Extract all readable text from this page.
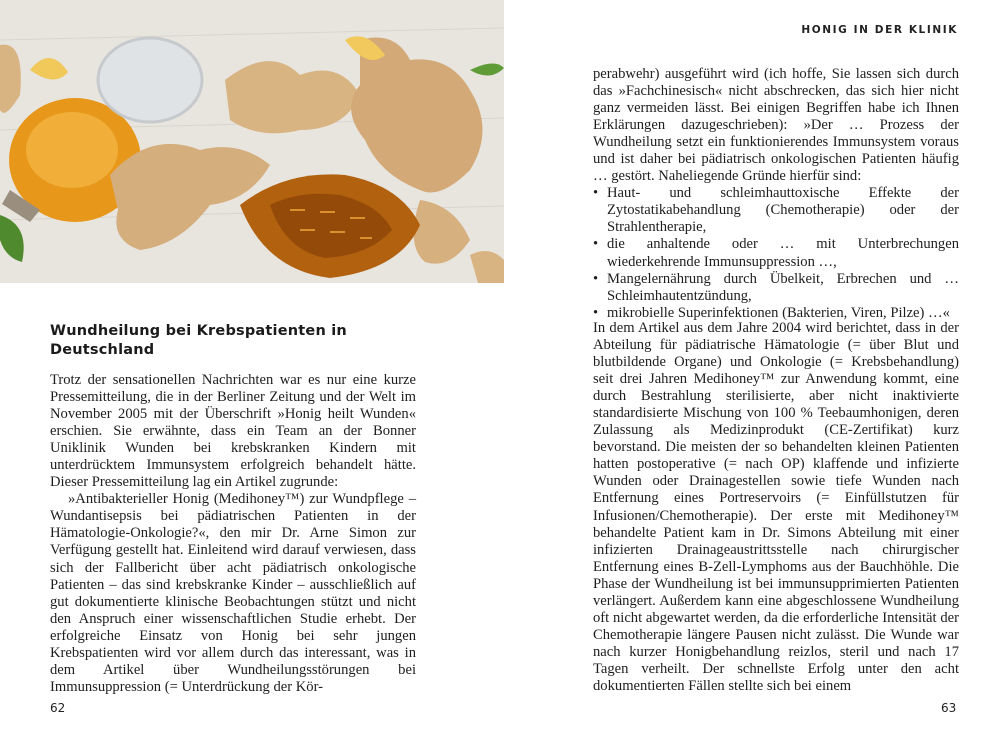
Wundheilung bei Krebspatienten in Deutschland

Trotz der sensationellen Nachrichten war es nur eine kurze Pressemitteilung, die in der Berliner Zeitung und der Welt im November 2005 mit der Überschrift »Honig heilt Wunden« erschien. Sie erwähnte, dass ein Team an der Bonner Uniklinik Wunden bei krebskranken Kindern mit unterdrücktem Immunsystem erfolgreich behandelt hätte. Dieser Pressemitteilung lag ein Artikel zugrunde:

»Antibakterieller Honig (Medihoney™) zur Wundpflege – Wundantisepsis bei pädiatrischen Patienten in der Hämatologie-Onkologie?«, den mir Dr. Arne Simon zur Verfügung gestellt hat. Einleitend wird darauf verwiesen, dass sich der Fallbericht über acht pädiatrisch onkologische Patienten – das sind krebskranke Kinder – ausschließlich auf gut dokumentierte klinische Beobachtungen stützt und nicht den Anspruch einer wissenschaftlichen Studie erhebt. Der erfolgreiche Einsatz von Honig bei sehr jungen Krebspatienten wird vor allem durch das interessant, was in dem Artikel über Wundheilungsstörungen bei Immunsuppression (= Unterdrückung der Kör-

62
HONIG IN DER KLINIK

perabwehr) ausgeführt wird (ich hoffe, Sie lassen sich durch das »Fachchinesisch« nicht abschrecken, das sich hier nicht ganz vermeiden lässt. Bei einigen Begriffen habe ich Ihnen Erklärungen dazugeschrieben): »Der … Prozess der Wundheilung setzt ein funktionierendes Immunsystem voraus und ist daher bei pädiatrisch onkologischen Patienten häufig … gestört. Naheliegende Gründe hierfür sind:

• Haut- und schleimhauttoxische Effekte der Zytostatikabehandlung (Chemotherapie) oder der Strahlentherapie,
• die anhaltende oder … mit Unterbrechungen wiederkehrende Immunsuppression …,
• Mangelernährung durch Übelkeit, Erbrechen und … Schleimhautentzündung,
• mikrobielle Superinfektionen (Bakterien, Viren, Pilze) …«

In dem Artikel aus dem Jahre 2004 wird berichtet, dass in der Abteilung für pädiatrische Hämatologie (= über Blut und blutbildende Organe) und Onkologie (= Krebsbehandlung) seit drei Jahren Medihoney™ zur Anwendung kommt, eine durch Bestrahlung sterilisierte, aber nicht inaktivierte standardisierte Mischung von 100 % Teebaumhonigen, deren Zulassung als Medizinprodukt (CE-Zertifikat) kurz bevorstand. Die meisten der so behandelten kleinen Patienten hatten postoperative (= nach OP) klaffende und infizierte Wunden oder Drainagestellen sowie tiefe Wunden nach Entfernung eines Portreservoirs (= Einfüllstutzen für Infusionen/Chemotherapie). Der erste mit Medihoney™ behandelte Patient kam in Dr. Simons Abteilung mit einer infizierten Drainageaustrittsstelle nach chirurgischer Entfernung eines B-Zell-Lymphoms aus der Bauchhöhle. Die Phase der Wundheilung ist bei immunsupprimierten Patienten verlängert. Außerdem kann eine abgeschlossene Wundheilung oft nicht abgewartet werden, da die erforderliche Intensität der Chemotherapie längere Pausen nicht zulässt. Die Wunde war nach kurzer Honigbehandlung reizlos, steril und nach 17 Tagen verheilt. Der schnellste Erfolg unter den acht dokumentierten Fällen stellte sich bei einem

63
